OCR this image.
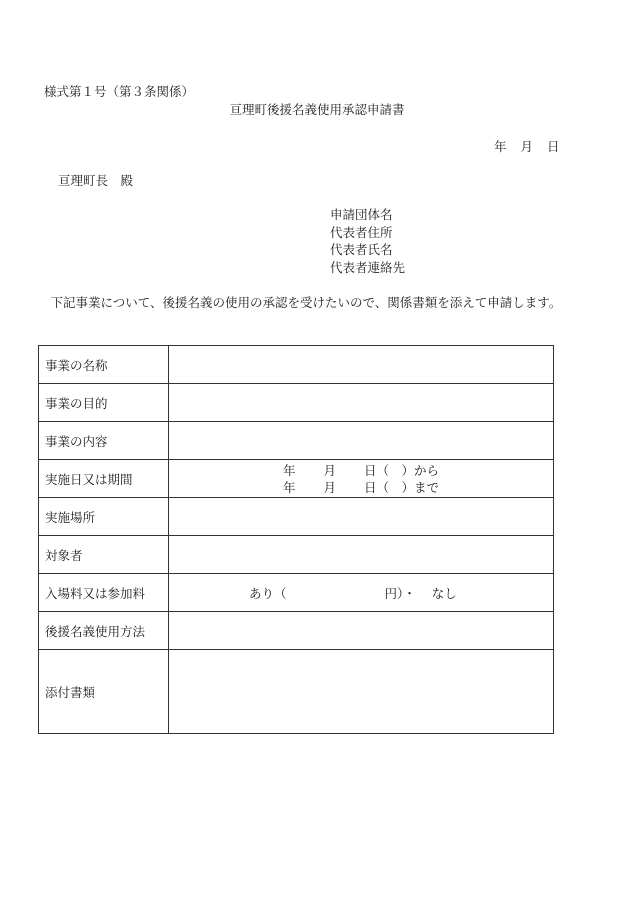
様式第１号（第３条関係）
亘理町後援名義使用承認申請書
年 月 日
亘理町長　殿
申請団体名
代表者住所
代表者氏名
代表者連絡先
下記事業について、後援名義の使用の承認を受けたいので、関係書類を添えて申請します。
事業の名称	
事業の目的	
事業の内容	
実施日又は期間	年 月 日（　）から
年 月 日（　）まで

実施場所	
対象者	
入場料又は参加料	あり（ 円）・ なし
後援名義使用方法	
添付書類	
